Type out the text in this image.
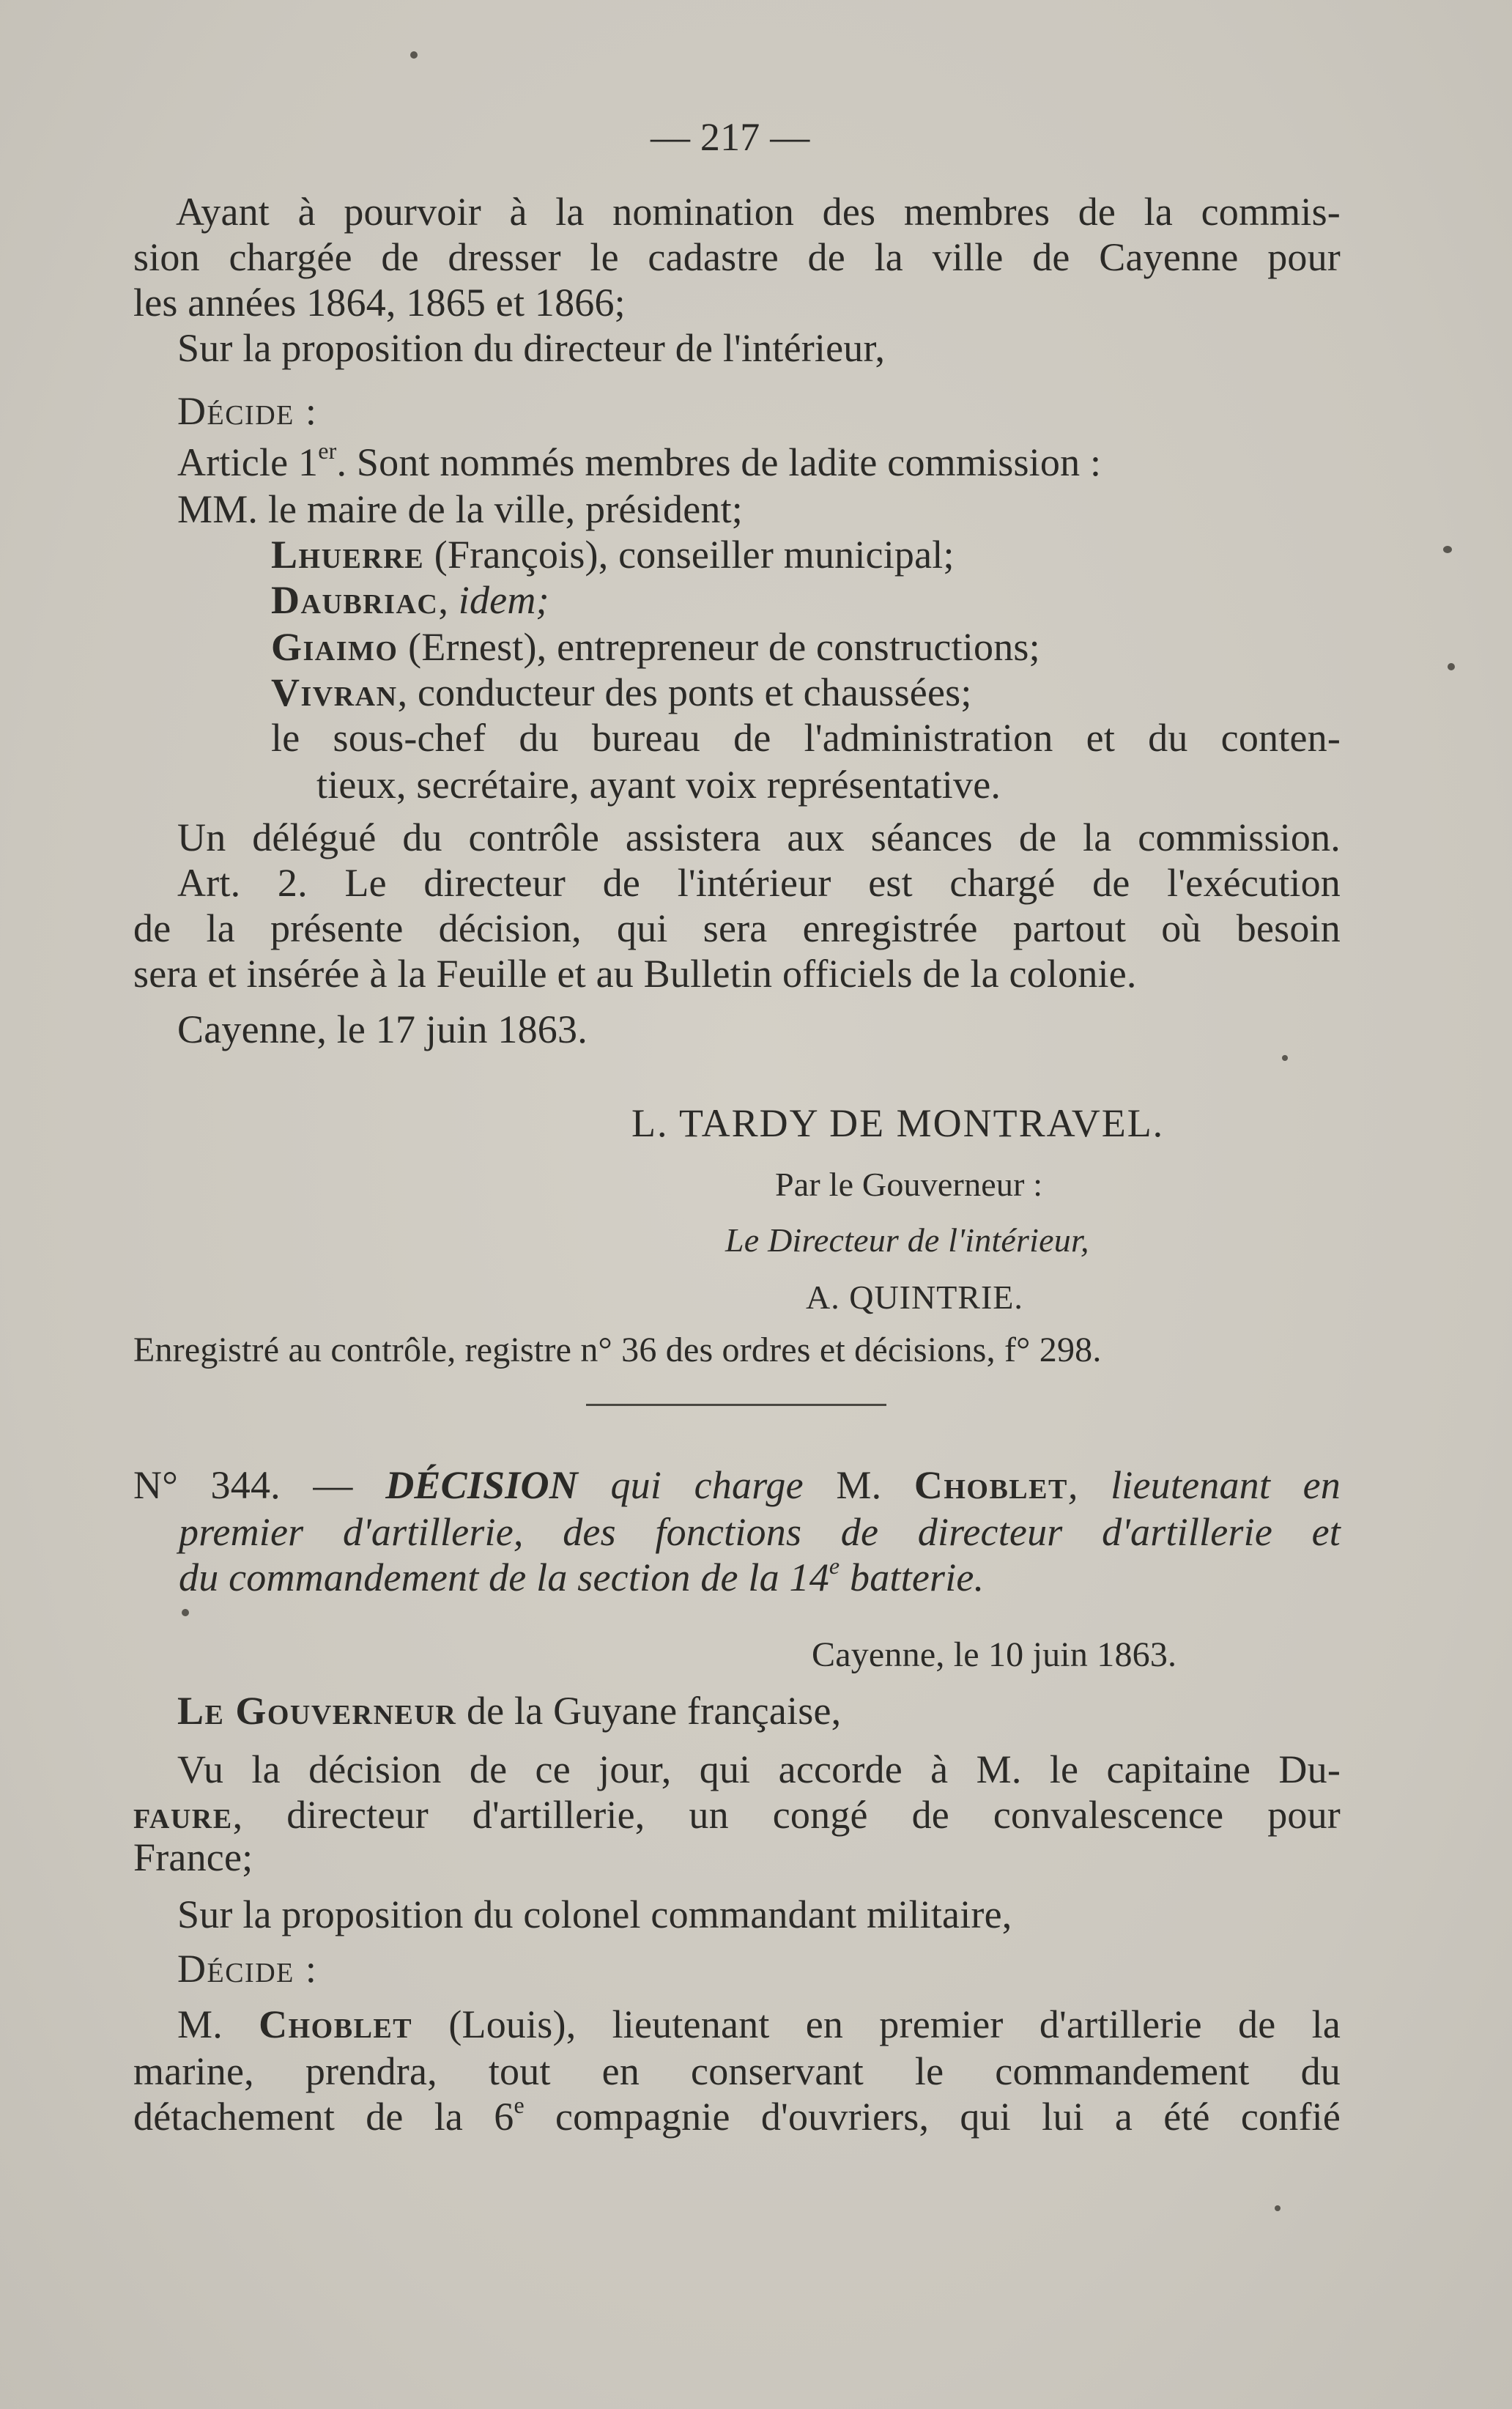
— 217 —
Ayant à pourvoir à la nomination des membres de la commis-
sion chargée de dresser le cadastre de la ville de Cayenne pour
les années 1864, 1865 et 1866;
Sur la proposition du directeur de l'intérieur,
Décide :
Article 1er. Sont nommés membres de ladite commission :
MM. le maire de la ville, président;
Lhuerre (François), conseiller municipal;
Daubriac, idem;
Giaimo (Ernest), entrepreneur de constructions;
Vivran, conducteur des ponts et chaussées;
le sous-chef du bureau de l'administration et du conten-
tieux, secrétaire, ayant voix représentative.
Un délégué du contrôle assistera aux séances de la commission.
Art. 2. Le directeur de l'intérieur est chargé de l'exécution
de la présente décision, qui sera enregistrée partout où besoin
sera et insérée à la Feuille et au Bulletin officiels de la colonie.
Cayenne, le 17 juin 1863.
L. TARDY DE MONTRAVEL.
Par le Gouverneur :
Le Directeur de l'intérieur,
A. QUINTRIE.
Enregistré au contrôle, registre n° 36 des ordres et décisions, f° 298.
N° 344. — DÉCISION qui charge M. Choblet, lieutenant en
premier d'artillerie, des fonctions de directeur d'artillerie et
du commandement de la section de la 14e batterie.
Cayenne, le 10 juin 1863.
Le Gouverneur de la Guyane française,
Vu la décision de ce jour, qui accorde à M. le capitaine Du-
faure, directeur d'artillerie, un congé de convalescence pour
France;
Sur la proposition du colonel commandant militaire,
Décide :
M. Choblet (Louis), lieutenant en premier d'artillerie de la
marine, prendra, tout en conservant le commandement du
détachement de la 6e compagnie d'ouvriers, qui lui a été confié
